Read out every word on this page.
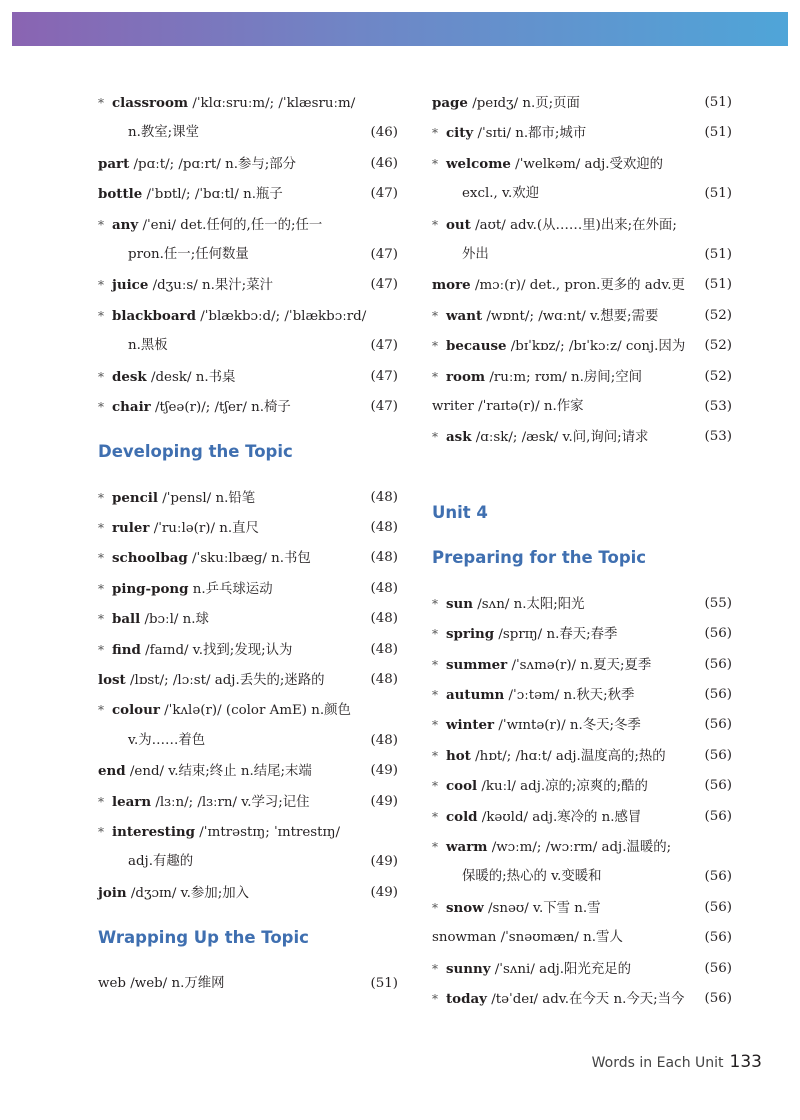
* classroom /ˈklɑːsruːm/; /ˈklæsruːm/
n.教室;课堂	(46)
part /pɑːt/; /pɑːrt/ n.参与;部分	(46)
bottle /ˈbɒtl/; /ˈbɑːtl/ n.瓶子	(47)
* any /ˈeni/ det.任何的,任一的;任一
pron.任一;任何数量	(47)
* juice /dʒuːs/ n.果汁;菜汁	(47)
* blackboard /ˈblækbɔːd/; /ˈblækbɔːrd/
n.黑板	(47)
* desk /desk/ n.书桌	(47)
* chair /tʃeə(r)/; /tʃer/ n.椅子	(47)
Developing the Topic
* pencil /ˈpensl/ n.铅笔	(48)
* ruler /ˈruːlə(r)/ n.直尺	(48)
* schoolbag /ˈskuːlbæɡ/ n.书包	(48)
* ping-pong n.乒乓球运动	(48)
* ball /bɔːl/ n.球	(48)
* find /faɪnd/ v.找到;发现;认为	(48)
lost /lɒst/; /lɔːst/ adj.丢失的;迷路的	(48)
* colour /ˈkʌlə(r)/ (color AmE) n.颜色
v.为……着色	(48)
end /end/ v.结束;终止 n.结尾;末端	(49)
* learn /lɜːn/; /lɜːrn/ v.学习;记住	(49)
* interesting /ˈɪntrəstɪŋ; ˈɪntrestɪŋ/
adj.有趣的	(49)
join /dʒɔɪn/ v.参加;加入	(49)
Wrapping Up the Topic
web /web/ n.万维网	(51)
page /peɪdʒ/ n.页;页面	(51)
* city /ˈsɪti/ n.都市;城市	(51)
* welcome /ˈwelkəm/ adj.受欢迎的
excl., v.欢迎	(51)
* out /aʊt/ adv.(从……里)出来;在外面;
外出	(51)
more /mɔː(r)/ det., pron.更多的 adv.更 (51)
* want /wɒnt/; /wɑːnt/ v.想要;需要	(52)
* because /bɪˈkɒz/; /bɪˈkɔːz/ conj.因为 (52)
* room /ruːm; rʊm/ n.房间;空间	(52)
writer /ˈraɪtə(r)/ n.作家	(53)
* ask /ɑːsk/; /æsk/ v.问,询问;请求	(53)
Unit 4
Preparing for the Topic
* sun /sʌn/ n.太阳;阳光	(55)
* spring /sprɪŋ/ n.春天;春季	(56)
* summer /ˈsʌmə(r)/ n.夏天;夏季	(56)
* autumn /ˈɔːtəm/ n.秋天;秋季	(56)
* winter /ˈwɪntə(r)/ n.冬天;冬季	(56)
* hot /hɒt/; /hɑːt/ adj.温度高的;热的	(56)
* cool /kuːl/ adj.凉的;凉爽的;酷的	(56)
* cold /kəʊld/ adj.寒冷的 n.感冒	(56)
* warm /wɔːm/; /wɔːrm/ adj.温暖的;
保暖的;热心的 v.变暖和	(56)
* snow /snəʊ/ v.下雪 n.雪	(56)
snowman /ˈsnəʊmæn/ n.雪人	(56)
* sunny /ˈsʌni/ adj.阳光充足的	(56)
* today /təˈdeɪ/ adv.在今天 n.今天;当今 (56)
Words in Each Unit 133
